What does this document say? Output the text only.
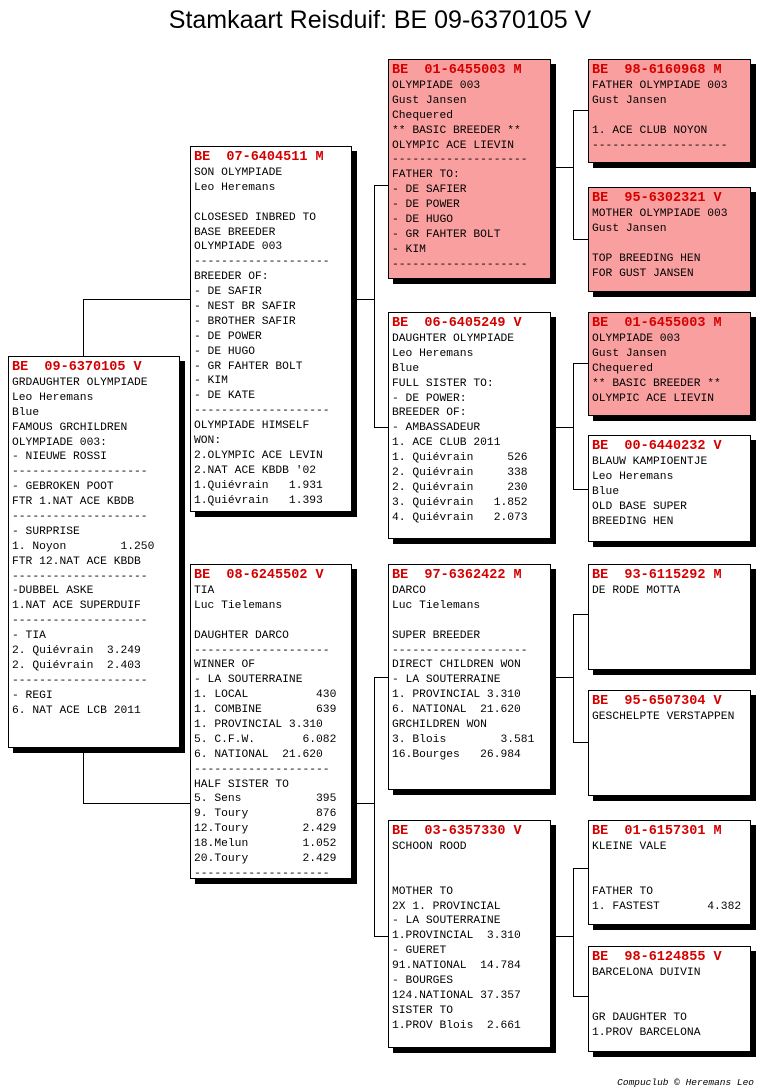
Stamkaart Reisduif: BE 09-6370105 V
BE  09-6370105 V
GRDAUGHTER OLYMPIADE
Leo Heremans
Blue
FAMOUS GRCHILDREN
OLYMPIADE 003:
- NIEUWE ROSSI
--------------------
- GEBROKEN POOT
FTR 1.NAT ACE KBDB
--------------------
- SURPRISE
1. Noyon        1.250
FTR 12.NAT ACE KBDB
--------------------
-DUBBEL ASKE
1.NAT ACE SUPERDUIF
--------------------
- TIA
2. Quiévrain  3.249
2. Quiévrain  2.403
--------------------
- REGI
6. NAT ACE LCB 2011
BE  07-6404511 M
SON OLYMPIADE
Leo Heremans
CLOSESED INBRED TO
BASE BREEDER
OLYMPIADE 003
--------------------
BREEDER OF:
- DE SAFIR
- NEST BR SAFIR
- BROTHER SAFIR
- DE POWER
- DE HUGO
- GR FAHTER BOLT
- KIM
- DE KATE
--------------------
OLYMPIADE HIMSELF
WON:
2.OLYMPIC ACE LEVIN
2.NAT ACE KBDB '02
1.Quiévrain   1.931
1.Quiévrain   1.393
BE  08-6245502 V
TIA
Luc Tielemans
DAUGHTER DARCO
--------------------
WINNER OF
- LA SOUTERRAINE
1. LOCAL          430
1. COMBINE        639
1. PROVINCIAL 3.310
5. C.F.W.       6.082
6. NATIONAL  21.620
--------------------
HALF SISTER TO
5. Sens           395
9. Toury          876
12.Toury        2.429
18.Melun        1.052
20.Toury        2.429
--------------------
BE  01-6455003 M
OLYMPIADE 003
Gust Jansen
Chequered
** BASIC BREEDER **
OLYMPIC ACE LIEVIN
--------------------
FATHER TO:
- DE SAFIER
- DE POWER
- DE HUGO
- GR FAHTER BOLT
- KIM
--------------------
BE  06-6405249 V
DAUGHTER OLYMPIADE
Leo Heremans
Blue
FULL SISTER TO:
- DE POWER:
BREEDER OF:
- AMBASSADEUR
1. ACE CLUB 2011
1. Quiévrain     526
2. Quiévrain     338
2. Quiévrain     230
3. Quiévrain   1.852
4. Quiévrain   2.073
BE  97-6362422 M
DARCO
Luc Tielemans
SUPER BREEDER
--------------------
DIRECT CHILDREN WON
- LA SOUTERRAINE
1. PROVINCIAL 3.310
6. NATIONAL  21.620
GRCHILDREN WON
3. Blois        3.581
16.Bourges   26.984
BE  03-6357330 V
SCHOON ROOD
MOTHER TO
2X 1. PROVINCIAL
- LA SOUTERRAINE
1.PROVINCIAL  3.310
- GUERET
91.NATIONAL  14.784
- BOURGES
124.NATIONAL 37.357
SISTER TO
1.PROV Blois  2.661
BE  98-6160968 M
FATHER OLYMPIADE 003
Gust Jansen
1. ACE CLUB NOYON
--------------------
BE  95-6302321 V
MOTHER OLYMPIADE 003
Gust Jansen
TOP BREEDING HEN
FOR GUST JANSEN
BE  01-6455003 M
OLYMPIADE 003
Gust Jansen
Chequered
** BASIC BREEDER **
OLYMPIC ACE LIEVIN
BE  00-6440232 V
BLAUW KAMPIOENTJE
Leo Heremans
Blue
OLD BASE SUPER
BREEDING HEN
BE  93-6115292 M
DE RODE MOTTA
BE  95-6507304 V
GESCHELPTE VERSTAPPEN
BE  01-6157301 M
KLEINE VALE
FATHER TO
1. FASTEST       4.382
BE  98-6124855 V
BARCELONA DUIVIN
GR DAUGHTER TO
1.PROV BARCELONA
Compuclub © Heremans Leo
